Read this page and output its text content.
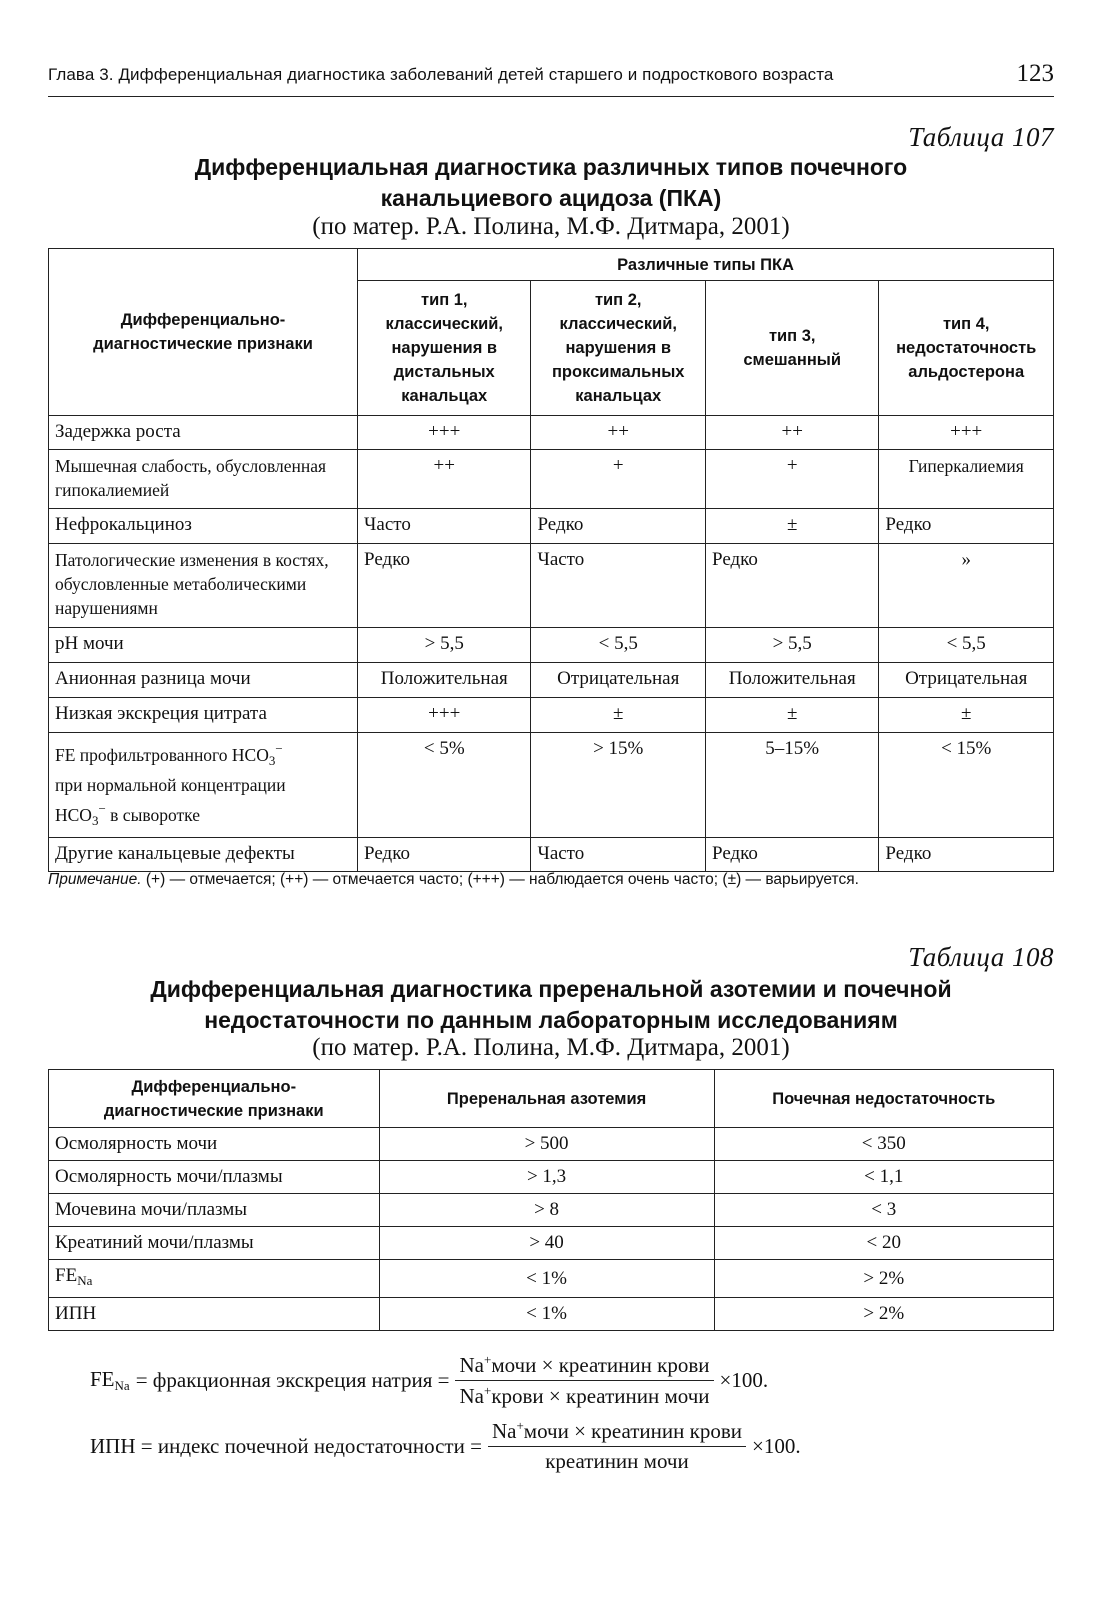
Глава 3. Дифференциальная диагностика заболеваний детей старшего и подросткового возраста	123
Таблица 107
Дифференциальная диагностика различных типов почечного
канальциевого ацидоза (ПКА)
(по матер. Р.А. Полина, М.Ф. Дитмара, 2001)
Дифференциально-диагностические признаки	Различные типы ПКА			
	тип 1, классический, нарушения в дистальных канальцах	тип 2, классический, нарушения в проксимальных канальцах	тип 3, смешанный	тип 4, недостаточность альдостерона
Задержка роста	+++	++	++	+++
Мышечная слабость, обусловленная гипокалиемией	++	+	+	Гиперкалиемия
Нефрокальциноз	Часто	Редко	±	Редко
Патологические изменения в костях, обусловленные метаболическими нарушениямн	Редко	Часто	Редко	»
pH мочи	> 5,5	< 5,5	> 5,5	< 5,5
Анионная разница мочи	Положительная	Отрицательная	Положительная	Отрицательная
Низкая экскреция цитрата	+++	±	±	±
FE профильтрованного $HCO_3^-$
при нормальной концентрации
$HCO_3^-$ в сыворотке	< 5%	> 15%	5–15%	< 15%
Другие канальцевые дефекты	Редко	Часто	Редко	Редко
Примечание. (+) — отмечается; (++) — отмечается часто; (+++) — наблюдается очень часто; (±) — варьируется.
Таблица 108
Дифференциальная диагностика преренальной азотемии и почечной
недостаточности по данным лабораторным исследованиям
(по матер. Р.А. Полина, М.Ф. Дитмара, 2001)
Дифференциально-диагностические признаки	Преренальная азотемия	Почечная недостаточность
Осмолярность мочи	> 500	< 350
Осмолярность мочи/плазмы	> 1,3	< 1,1
Мочевина мочи/плазмы	> 8	< 3
Креатиний мочи/плазмы	> 40	< 20
$FE_{Na}$	< 1%	> 2%
ИПН	< 1%	> 2%
$FE_{Na}$ = фракционная экскреция натрия = $\frac{Na^+мочи \times креатинин крови}{Na^+крови \times креатинин мочи} \times 100$.
ИПН = индекс почечной недостаточности = $\frac{Na^+мочи \times креатинин крови}{\text{креатинин мочи}} \times 100$.
